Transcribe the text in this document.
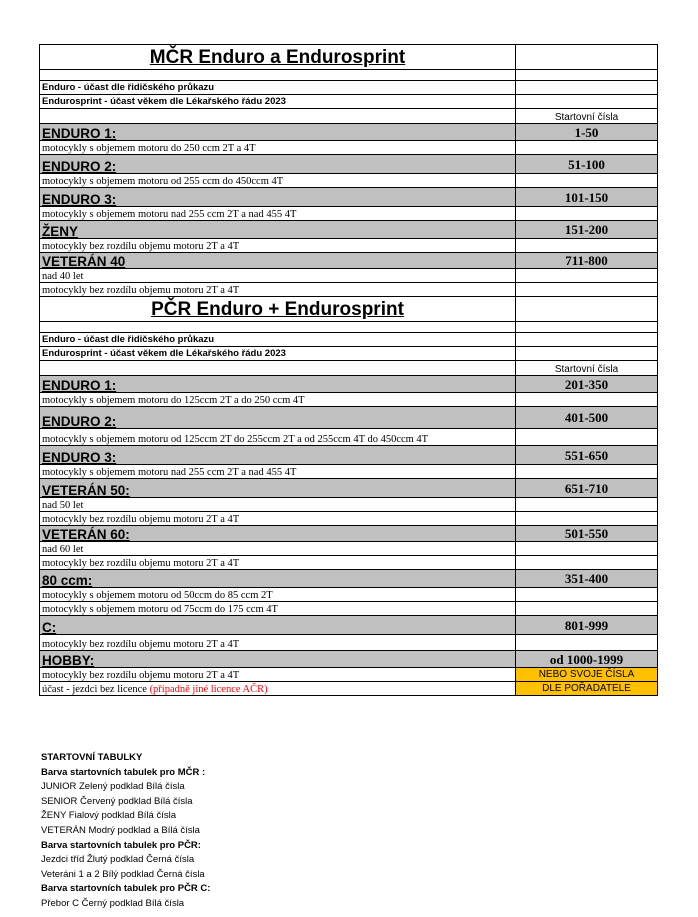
MČR Enduro a Endurosprint	

Enduro - účast dle řidičského průkazu	
Endurosprint - účast věkem dle Lékařského řádu 2023	
	Startovní čísla
ENDURO 1:	1-50
motocykly s objemem motoru do 250 ccm 2T a 4T	
ENDURO 2:	51-100
motocykly s objemem motoru od 255 ccm do 450ccm 4T	
ENDURO 3:	101-150
motocykly s objemem motoru nad 255 ccm 2T a nad 455 4T	
ŽENY	151-200
motocykly bez rozdílu objemu motoru 2T a 4T	
VETERÁN 40	711-800
nad 40 let	
motocykly bez rozdílu objemu motoru 2T a 4T	
PČR Enduro + Endurosprint	

Enduro - účast dle řidičského průkazu	
Endurosprint - účast věkem dle Lékařského řádu 2023	
	Startovní čísla
ENDURO 1:	201-350
motocykly s objemem motoru do 125ccm 2T a do 250 ccm 4T	
ENDURO 2:	401-500
motocykly s objemem motoru od 125ccm 2T do 255ccm 2T a od 255ccm 4T do 450ccm 4T	
ENDURO 3:	551-650
motocykly s objemem motoru nad 255 ccm 2T a nad 455 4T	
VETERÁN 50:	651-710
nad 50 let	
motocykly bez rozdílu objemu motoru 2T a 4T	
VETERÁN 60:	501-550
nad 60 let	
motocykly bez rozdílu objemu motoru 2T a 4T	
80 ccm:	351-400
motocykly s objemem motoru od 50ccm do 85 ccm 2T	
motocykly s objemem motoru od 75ccm do 175 ccm 4T	
C:	801-999
motocykly bez rozdílu objemu motoru 2T a 4T	
HOBBY:	od 1000-1999
motocykly bez rozdílu objemu motoru 2T a 4T	NEBO SVOJE ČÍSLA
účast - jezdci bez licence (případně jiné licence AČR)	DLE POŘADATELE
STARTOVNÍ TABULKY
Barva startovních tabulek pro MČR :
JUNIOR Zelený podklad Bílá čísla
SENIOR Červený podklad Bílá čísla
ŽENY Fialový podklad Bílá čísla
VETERÁN Modrý podklad a Bílá čísla
Barva startovních tabulek pro PČR:
Jezdci tříd Žlutý podklad Černá čísla
Veteráni 1 a 2 Bílý podklad Černá čísla
Barva startovních tabulek pro PČR C:
Přebor C Černý podklad Bílá čísla
